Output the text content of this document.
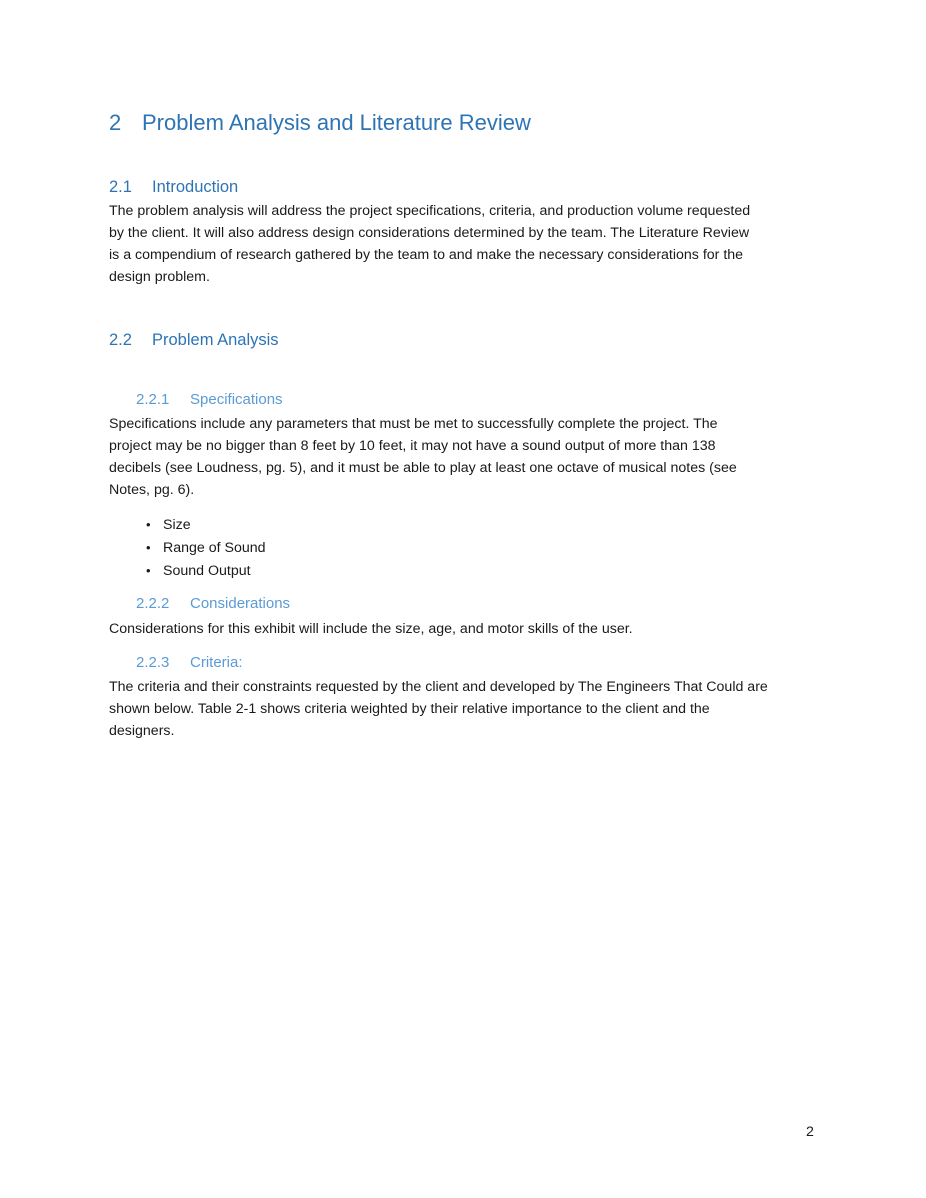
2 Problem Analysis and Literature Review
2.1 Introduction
The problem analysis will address the project specifications, criteria, and production volume requested
by the client. It will also address design considerations determined by the team. The Literature Review
is a compendium of research gathered by the team to and make the necessary considerations for the
design problem.
2.2 Problem Analysis
2.2.1 Specifications
Specifications include any parameters that must be met to successfully complete the project. The
project may be no bigger than 8 feet by 10 feet, it may not have a sound output of more than 138
decibels (see Loudness, pg. 5), and it must be able to play at least one octave of musical notes (see
Notes, pg. 6).
• Size
• Range of Sound
• Sound Output
2.2.2 Considerations
Considerations for this exhibit will include the size, age, and motor skills of the user.
2.2.3 Criteria:
The criteria and their constraints requested by the client and developed by The Engineers That Could are
shown below. Table 2-1 shows criteria weighted by their relative importance to the client and the
designers.
2
